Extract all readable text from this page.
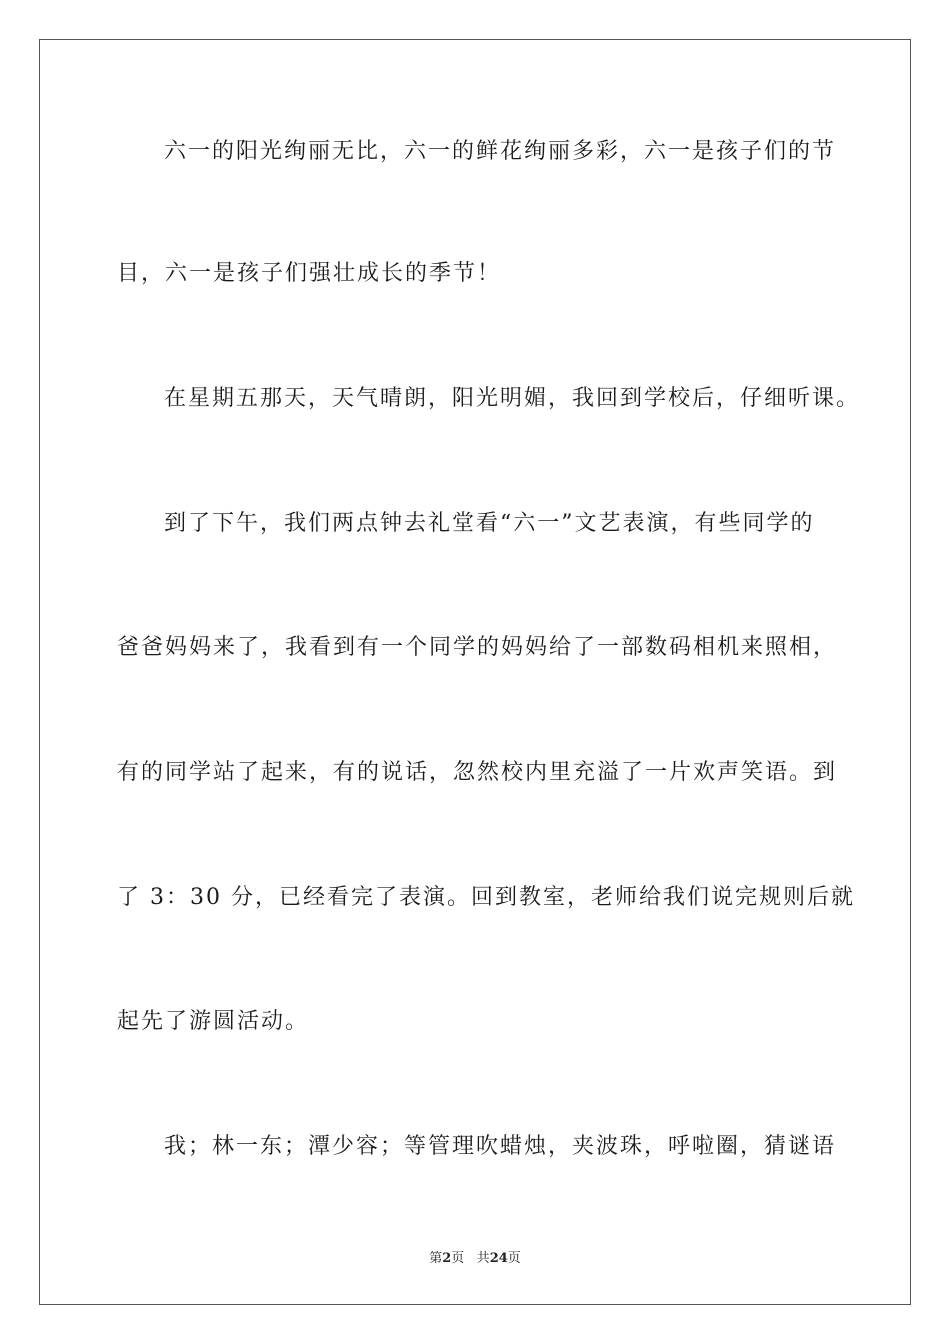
六一的阳光绚丽无比，六一的鲜花绚丽多彩，六一是孩子们的节
目，六一是孩子们强壮成长的季节！
在星期五那天，天气晴朗，阳光明媚，我回到学校后，仔细听课。
到了下午，我们两点钟去礼堂看“六一”文艺表演，有些同学的
爸爸妈妈来了，我看到有一个同学的妈妈给了一部数码相机来照相，
有的同学站了起来，有的说话，忽然校内里充溢了一片欢声笑语。到
了 3：30 分，已经看完了表演。回到教室，老师给我们说完规则后就
起先了游圆活动。
我；林一东；潭少容；等管理吹蜡烛，夹波珠，呼啦圈，猜谜语
第2页 共24页
